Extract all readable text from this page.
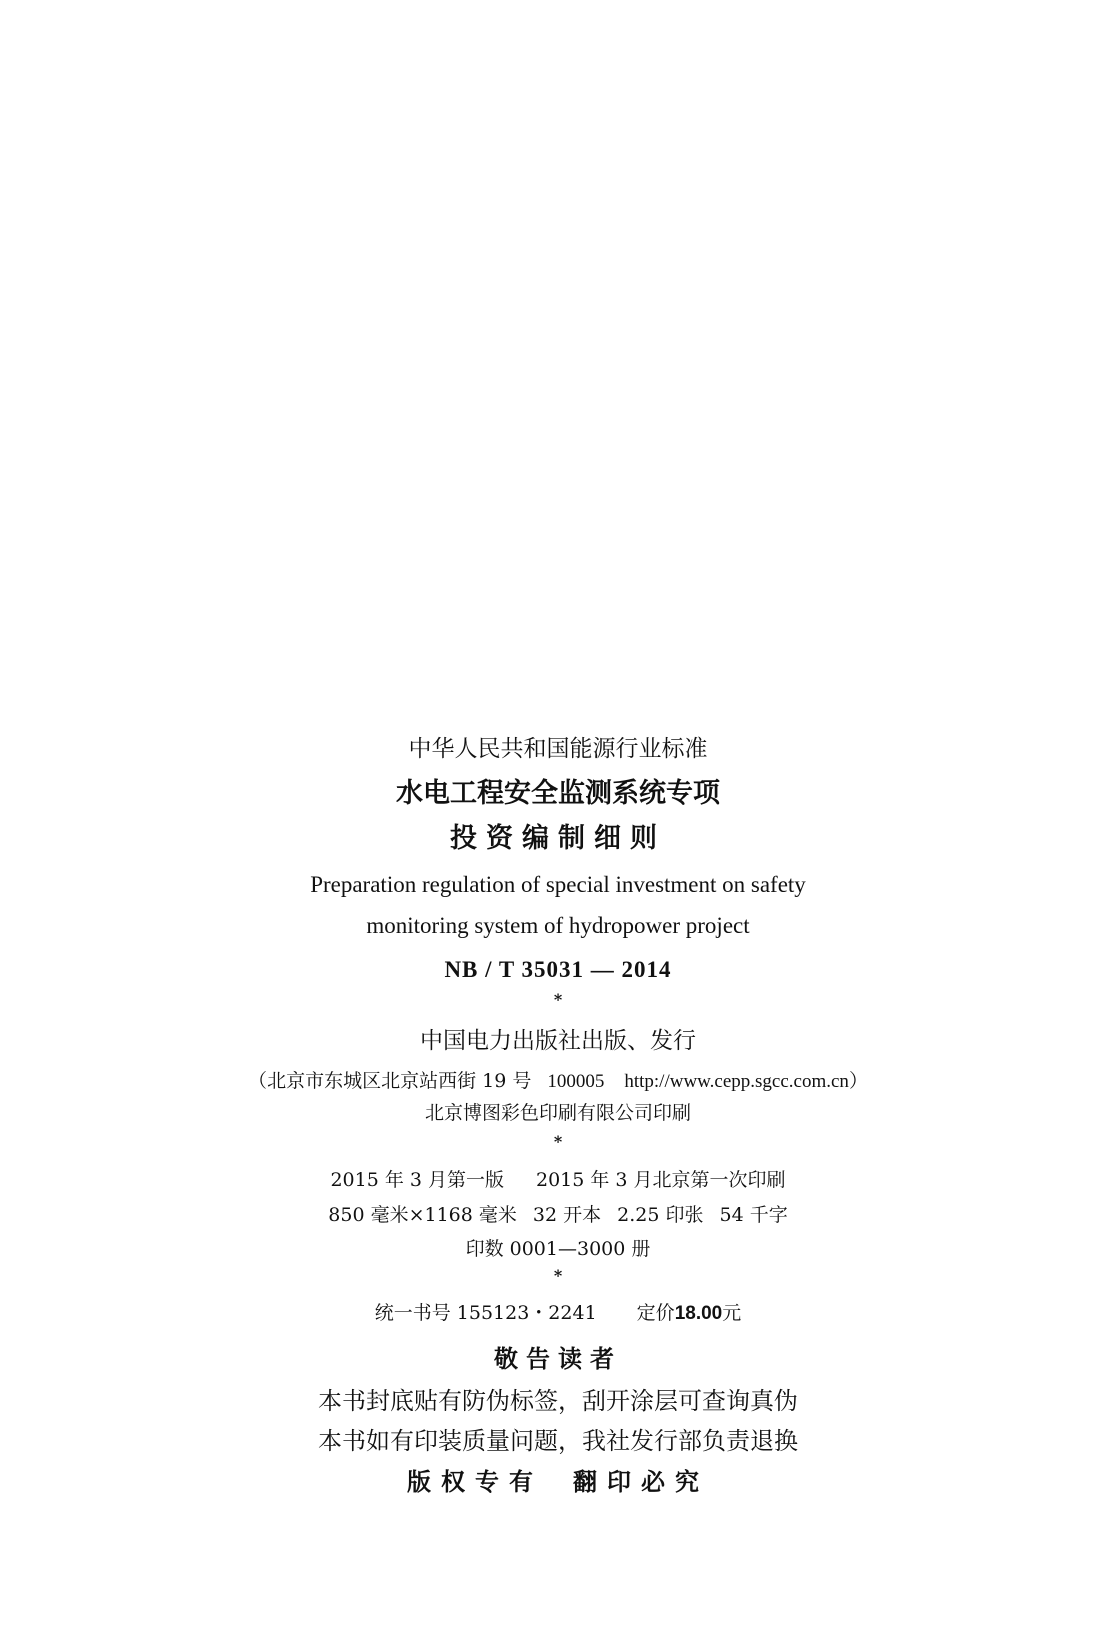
中华人民共和国能源行业标准
水电工程安全监测系统专项
投资编制细则
Preparation regulation of special investment on safety
monitoring system of hydropower project
NB / T 35031 — 2014
*
中国电力出版社出版、发行
（北京市东城区北京站西街 19 号 100005 http://www.cepp.sgcc.com.cn）
北京博图彩色印刷有限公司印刷
*
2015 年 3 月第一版 2015 年 3 月北京第一次印刷
850 毫米×1168 毫米 32 开本 2.25 印张 54 千字
印数 0001—3000 册
*
统一书号 155123・2241 定价18.00元
敬告读者
本书封底贴有防伪标签，刮开涂层可查询真伪
本书如有印装质量问题，我社发行部负责退换
版权专有 翻印必究
